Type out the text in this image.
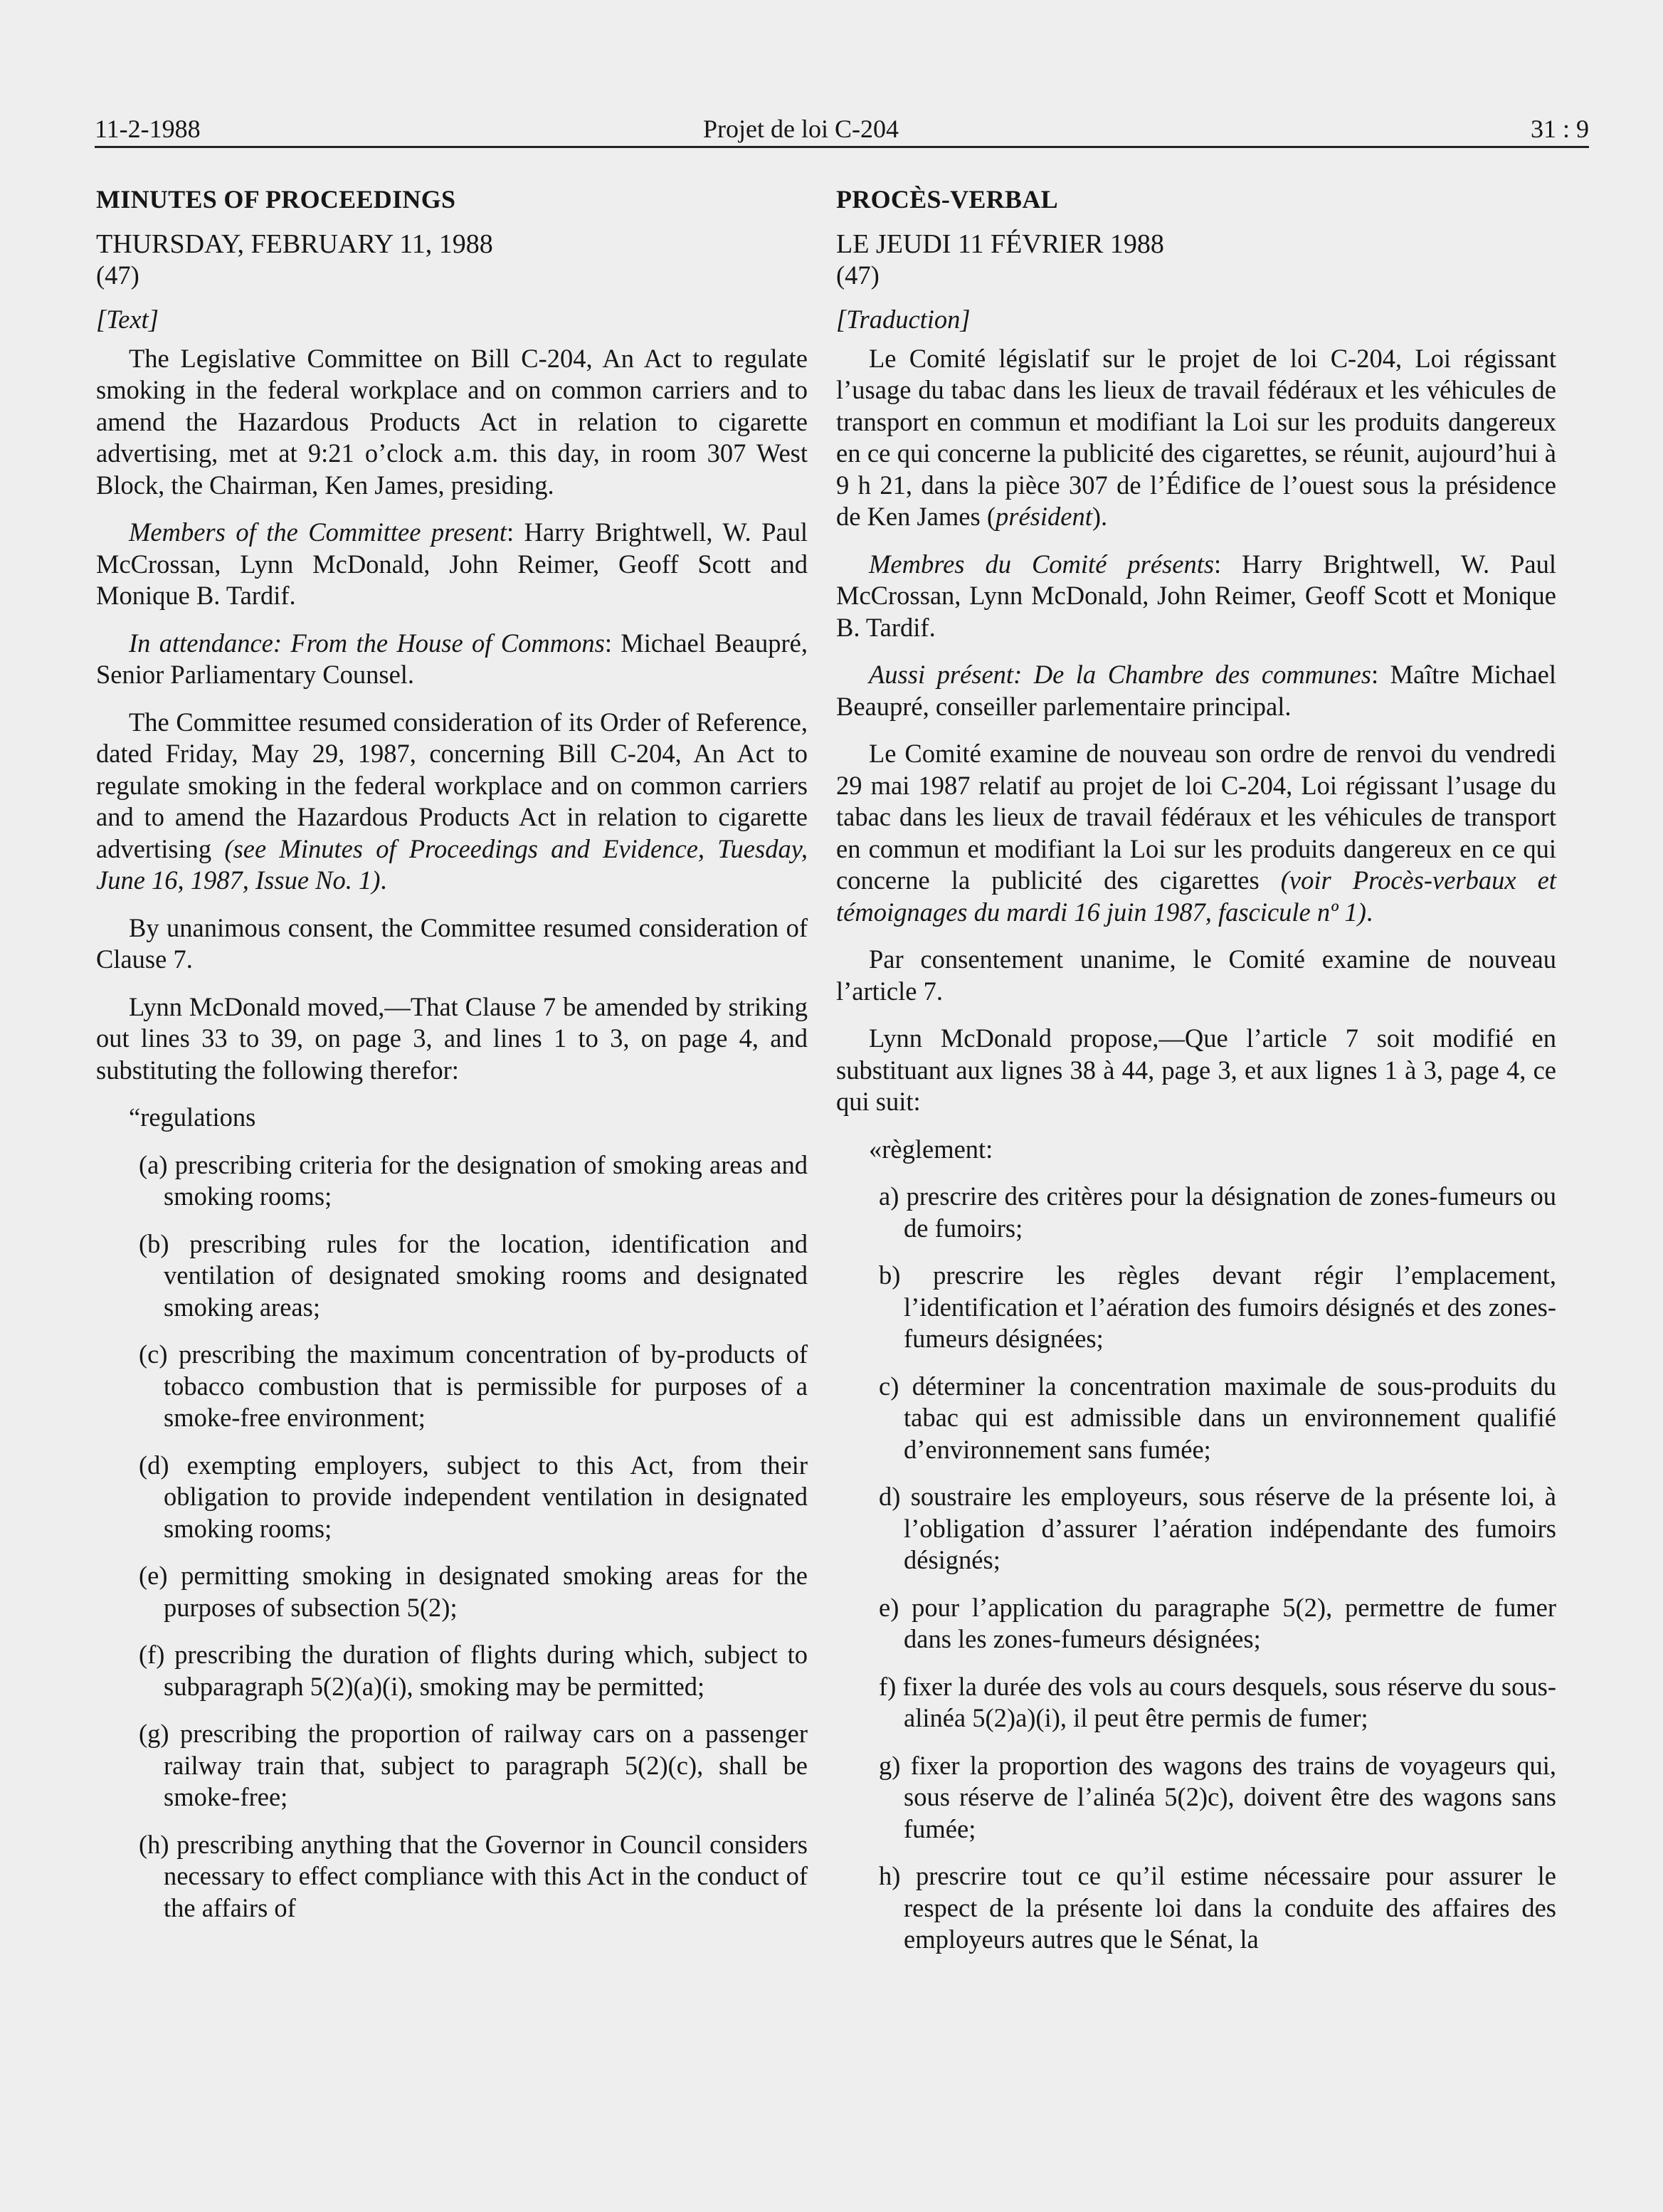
11-2-1988	Projet de loi C-204	31 : 9

MINUTES OF PROCEEDINGS

THURSDAY, FEBRUARY 11, 1988

(47)

[Text]

The Legislative Committee on Bill C-204, An Act to regulate smoking in the federal workplace and on common carriers and to amend the Hazardous Products Act in relation to cigarette advertising, met at 9:21 o’clock a.m. this day, in room 307 West Block, the Chairman, Ken James, presiding.

Members of the Committee present: Harry Brightwell, W. Paul McCrossan, Lynn McDonald, John Reimer, Geoff Scott and Monique B. Tardif.

In attendance: From the House of Commons: Michael Beaupré, Senior Parliamentary Counsel.

The Committee resumed consideration of its Order of Reference, dated Friday, May 29, 1987, concerning Bill C-204, An Act to regulate smoking in the federal workplace and on common carriers and to amend the Hazardous Products Act in relation to cigarette advertising (see Minutes of Proceedings and Evidence, Tuesday, June 16, 1987, Issue No. 1).

By unanimous consent, the Committee resumed consideration of Clause 7.

Lynn McDonald moved,—That Clause 7 be amended by striking out lines 33 to 39, on page 3, and lines 1 to 3, on page 4, and substituting the following therefor:

“regulations

(a) prescribing criteria for the designation of smoking areas and smoking rooms;

(b) prescribing rules for the location, identification and ventilation of designated smoking rooms and designated smoking areas;

(c) prescribing the maximum concentration of by-products of tobacco combustion that is permissible for purposes of a smoke-free environment;

(d) exempting employers, subject to this Act, from their obligation to provide independent ventilation in designated smoking rooms;

(e) permitting smoking in designated smoking areas for the purposes of subsection 5(2);

(f) prescribing the duration of flights during which, subject to subparagraph 5(2)(a)(i), smoking may be permitted;

(g) prescribing the proportion of railway cars on a passenger railway train that, subject to paragraph 5(2)(c), shall be smoke-free;

(h) prescribing anything that the Governor in Council considers necessary to effect compliance with this Act in the conduct of the affairs of

PROCÈS-VERBAL

LE JEUDI 11 FÉVRIER 1988

(47)

[Traduction]

Le Comité législatif sur le projet de loi C-204, Loi régissant l’usage du tabac dans les lieux de travail fédéraux et les véhicules de transport en commun et modifiant la Loi sur les produits dangereux en ce qui concerne la publicité des cigarettes, se réunit, aujourd’hui à 9 h 21, dans la pièce 307 de l’Édifice de l’ouest sous la présidence de Ken James (président).

Membres du Comité présents: Harry Brightwell, W. Paul McCrossan, Lynn McDonald, John Reimer, Geoff Scott et Monique B. Tardif.

Aussi présent: De la Chambre des communes: Maître Michael Beaupré, conseiller parlementaire principal.

Le Comité examine de nouveau son ordre de renvoi du vendredi 29 mai 1987 relatif au projet de loi C-204, Loi régissant l’usage du tabac dans les lieux de travail fédéraux et les véhicules de transport en commun et modifiant la Loi sur les produits dangereux en ce qui concerne la publicité des cigarettes (voir Procès-verbaux et témoignages du mardi 16 juin 1987, fascicule nº 1).

Par consentement unanime, le Comité examine de nouveau l’article 7.

Lynn McDonald propose,—Que l’article 7 soit modifié en substituant aux lignes 38 à 44, page 3, et aux lignes 1 à 3, page 4, ce qui suit:

«règlement:

a) prescrire des critères pour la désignation de zones-fumeurs ou de fumoirs;

b) prescrire les règles devant régir l’emplacement, l’identification et l’aération des fumoirs désignés et des zones-fumeurs désignées;

c) déterminer la concentration maximale de sous-produits du tabac qui est admissible dans un environnement qualifié d’environnement sans fumée;

d) soustraire les employeurs, sous réserve de la présente loi, à l’obligation d’assurer l’aération indépendante des fumoirs désignés;

e) pour l’application du paragraphe 5(2), permettre de fumer dans les zones-fumeurs désignées;

f) fixer la durée des vols au cours desquels, sous réserve du sous-alinéa 5(2)a)(i), il peut être permis de fumer;

g) fixer la proportion des wagons des trains de voyageurs qui, sous réserve de l’alinéa 5(2)c), doivent être des wagons sans fumée;

h) prescrire tout ce qu’il estime nécessaire pour assurer le respect de la présente loi dans la conduite des affaires des employeurs autres que le Sénat, la
